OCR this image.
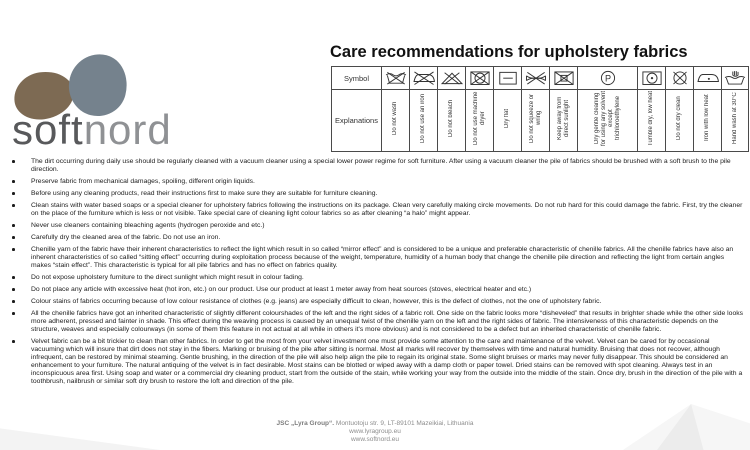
softnord
Care recommendations for upholstery fabrics
Symbol								P

Explanations	Do not wash	Do not use an iron	Do not bleach	Do not use machine dryer	Dry flat	Do not squeeze or wring	Keep away from direct sunlight	Dry gentle cleaning for using any solvent except trichloroethylene	Tumble dry, low heat	Do not dry clean	Iron with low heat	Hand wash at 30°C
The dirt occurring during daily use should be regularly cleaned with a vacuum cleaner using a special lower power regime for soft furniture. After using a vacuum cleaner the pile of fabrics should be brushed with a soft brush to the pile direction.
Preserve fabric from mechanical damages, spoiling, different origin liquids.
Before using any cleaning products, read their instructions first to make sure they are suitable for furniture cleaning.
Clean stains with water based soaps or a special cleaner for upholstery fabrics following the instructions on its package. Clean very carefully making circle movements. Do not rub hard for this could damage the fabric. First, try the cleaner on the place of the furniture which is less or not visible. Take special care of cleaning light colour fabrics so as after cleaning “a halo” might appear.
Never use cleaners containing bleaching agents (hydrogen peroxide and etc.)
Carefully dry the cleaned area of the fabric. Do not use an iron.
Chenille yarn of the fabric have their inherent characteristics to reflect the light which result in so called “mirror effect” and is considered to be a unique and preferable characteristic of chenille fabrics. All the chenille fabrics have also an inherent characteristics of so called “sitting effect” occurring during exploitation process because of the weight, temperature, humidity of a human body that change the chenille pile direction and reflecting the light from certain angles makes “stain effect”. This characteristic is typical for all pile fabrics and has no effect on fabrics quality.
Do not expose upholstery furniture to the direct sunlight which might result in colour fading.
Do not place any article with excessive heat (hot iron, etc.) on our product. Use our product at least 1 meter away from heat sources (stoves, electrical heater and etc.)
Colour stains of fabrics occurring because of low colour resistance of clothes (e.g. jeans) are especially difficult to clean, however, this is the defect of clothes, not the one of upholstery fabric.
All the chenille fabrics have got an inherited characteristic of slightly different colourshades of the left and the right sides of a fabric roll. One side on the fabric looks more “disheveled” that results in brighter shade while the other side looks more adherent, pressed and fainter in shade. This effect during the weaving process is caused by an unequal twist of the chenille yarn on the left and the right sides of fabric. The intensiveness of this characteristic depends on the structure, weaves and especially colourways (in some of them this feature in not actual at all while in others it's more obvious) and is not considered to be a defect but an inherited characteristic of chenille fabric.
Velvet fabric can be a bit trickier to clean than other fabrics. In order to get the most from your velvet investment one must provide some attention to the care and maintenance of the velvet. Velvet can be cared for by occasional vacuuming which will insure that dirt does not stay in the fibers. Marking or bruising of the pile after sitting is normal. Most all marks will recover by themselves with time and natural humidity. Bruising that does not recover, although infrequent, can be restored by minimal steaming. Gentle brushing, in the direction of the pile will also help align the pile to regain its original state. Some slight bruises or marks may never fully disappear. This should be considered an enhancement to your furniture. The natural antiquing of the velvet is in fact desirable. Most stains can be blotted or wiped away with a damp cloth or paper towel. Dried stains can be removed with spot cleaning. Always test in an inconspicuous area first. Using soap and water or a commercial dry cleaning product, start from the outside of the stain, while working your way from the outside into the middle of the stain. Once dry, brush in the direction of the pile with a toothbrush, nailbrush or similar soft dry brush to restore the loft and direction of the pile.
JSC „Lyra Group“. Montuotoju str. 9, LT-89101 Mazeikiai, Lithuania
www.lyragroup.eu
www.softnord.eu
